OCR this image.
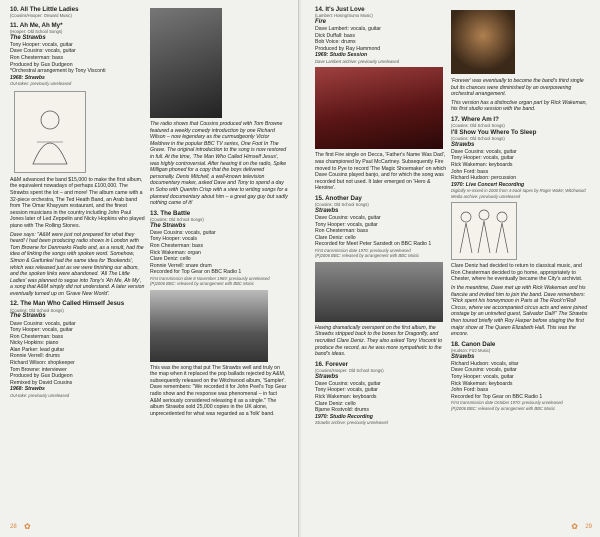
10. All The Little Ladies
(Cousins/Hooper: Onward Music)
11. Ah Me, Ah My*
(Hooper: Old School Songs)
The Strawbs
Tony Hooper: vocals, guitar
Dave Cousins: vocals, guitar
Ron Chesterman: bass
Produced by Gus Dudgeon
*Orchestral arrangement by Tony Visconti
1968: Strawbs
Out-takes: previously unreleased

A&M advanced the band $15,000 to make the first album, the equivalent nowadays of perhaps £100,000. The Strawbs spent the lot – and more! The album came with a 32-piece orchestra, The Ted Heath Band, an Arab band from The Omar Khayyam restaurant, and the finest session musicians in the country including John Paul Jones later of Led Zeppelin and Nicky Hopkins who played piano with The Rolling Stones.

Dave says: "A&M were just not prepared for what they heard! I had been producing radio shows in London with Tom Browne for Danmarks Radio and, as a result, had the idea of linking the songs with spoken word. Somehow, Simon & Garfunkel had the same idea for 'Bookends', which was released just as we were finishing our album, and the spoken links were abandoned. 'All The Little Ladies' was planned to segue into Tony's 'Ah Me, Ah My', a song that A&M simply did not understand. A later version eventually turned up on 'Grave New World'.

12. The Man Who Called Himself Jesus
(Cousins: Old School Songs)
The Strawbs
Dave Cousins: vocals, guitar
Tony Hooper: vocals, guitar
Ron Chesterman: bass
Nicky Hopkins: piano
Alan Parker: lead guitar
Ronnie Verrell: drums
Richard Wilson: shopkeeper
Tom Browne: interviewer
Produced by Gus Dudgeon
Remixed by David Cousins
1968: Strawbs
Out-take: previously unreleased

The radio shows that Cousins produced with Tom Browne featured a weekly comedy introduction by one Richard Wilson – now legendary as the curmudgeonly Victor Meldrew in the popular BBC TV series, One Foot In The Grave. The original introduction to the song is now restored in full. At the time, 'The Man Who Called Himself Jesus', was highly controversial. After hearing it on the radio, Spike Milligan phoned for a copy that the boys delivered personally. Denis Mitchell, a well-known television documentary maker, asked Dave and Tony to spend a day in Soho with Quentin Crisp with a view to writing songs for a planned documentary about him – a great gay guy but sadly nothing came of it!

13. The Battle
(Cousins: Old School Songs)
The Strawbs
Dave Cousins: vocals, guitar
Tony Hooper: vocals
Ron Chesterman: bass
Rick Wakeman: organ
Clare Deniz: cello
Ronnie Verrell: snare drum
Recorded for Top Gear on BBC Radio 1
First transmission date 8 November 1969: previously unreleased
(P)2006 BBC: released by arrangement with BBC Music

This was the song that put The Strawbs well and truly on the map when it replaced the pop ballads rejected by A&M, subsequently released on the Witchwood album, 'Sampler'. Dave remembers: "We recorded it for John Peel's Top Gear radio show and the response was phenomenal – in fact A&M seriously considered releasing it as a single." The album Strawbs sold 25,000 copies in the UK alone, unprecedented for what was regarded as a 'folk' band.

28 ✿
14. It's Just Love
(Lambert: Hosing/Sumo Music)
Fire
Dave Lambert: vocals, guitar
Dick Duffall: bass
Bob Voice: drums
Produced by Ray Hammond
1969: Studio Session
Dave Lambert archive: previously unreleased

The first Fire single on Decca, 'Father's Name Was Dad', was championed by Paul McCartney. Subsequently Fire moved to Pye to record 'The Magic Shoemaker' on which Dave Cousins played banjo, and for which the song was recorded but not used. It later emerged on 'Hero & Heroine'.

15. Another Day
(Cousins: Old School Songs)
Strawbs
Dave Cousins: vocals, guitar
Tony Hooper: vocals, guitar
Ron Chesterman: bass
Clare Deniz: cello
Recorded for Meet Peter Sarstedt on BBC Radio 1
First transmission date 1970: previously unreleased
(P)2006 BBC: released by arrangement with BBC Music

Having dramatically overspent on the first album, the Strawbs stripped back to the bones for Dragonfly, and recruited Clare Deniz. They also asked Tony Visconti to produce the record, as he was more sympathetic to the band's ideas.

16. Forever
(Cousins/Hooper: Old School Songs)
Strawbs
Dave Cousins: vocals, guitar
Tony Hooper: vocals, guitar
Rick Wakeman: keyboards
Clare Deniz: cello
Bjarne Rostvold: drums
1970: Studio Recording
Strawbs archive: previously unreleased

'Forever' was eventually to become the band's third single but its chances were diminished by an overpowering orchestral arrangement.

This version has a distinctive organ part by Rick Wakeman, his first studio session with the band.

17. Where Am I?
(Cousins: Old School Songs)
I'll Show You Where To Sleep
(Cousins: Old School Songs)
Strawbs
Dave Cousins: vocals, guitar
Tony Hooper: vocals, guitar
Rick Wakeman: keyboards
John Ford: bass
Richard Hudson: percussion
1970: Live Concert Recording
Digitally re-mixed in 2000 from 4-track tapes by Roger Wake; Witchwood Media archive: previously unreleased

Clare Deniz had decided to return to classical music, and Ron Chesterman decided to go home, appropriately to Chester, where he eventually became the City's archivist.

In the meantime, Dave met up with Rick Wakeman and his fiancée and invited him to join the band. Dave remembers: "Rick spent his honeymoon in Paris at The Rock'n'Roll Circus, where we accompanied circus acts and were joined onstage by an uninvited guest, Salvador Dali!" The Strawbs then toured briefly with Roy Harper before staging the first major show at The Queen Elizabeth Hall. This was the encore.

18. Canon Dale
(Hudson: Fizz Music)
Strawbs
Richard Hudson: vocals, sitar
Dave Cousins: vocals, guitar
Tony Hooper: vocals, guitar
Rick Wakeman: keyboards
John Ford: bass
Recorded for Top Gear on BBC Radio 1
First transmission date October 1970: previously unreleased
(P)2006 BBC: released by arrangement with BBC Music
✿ 29
